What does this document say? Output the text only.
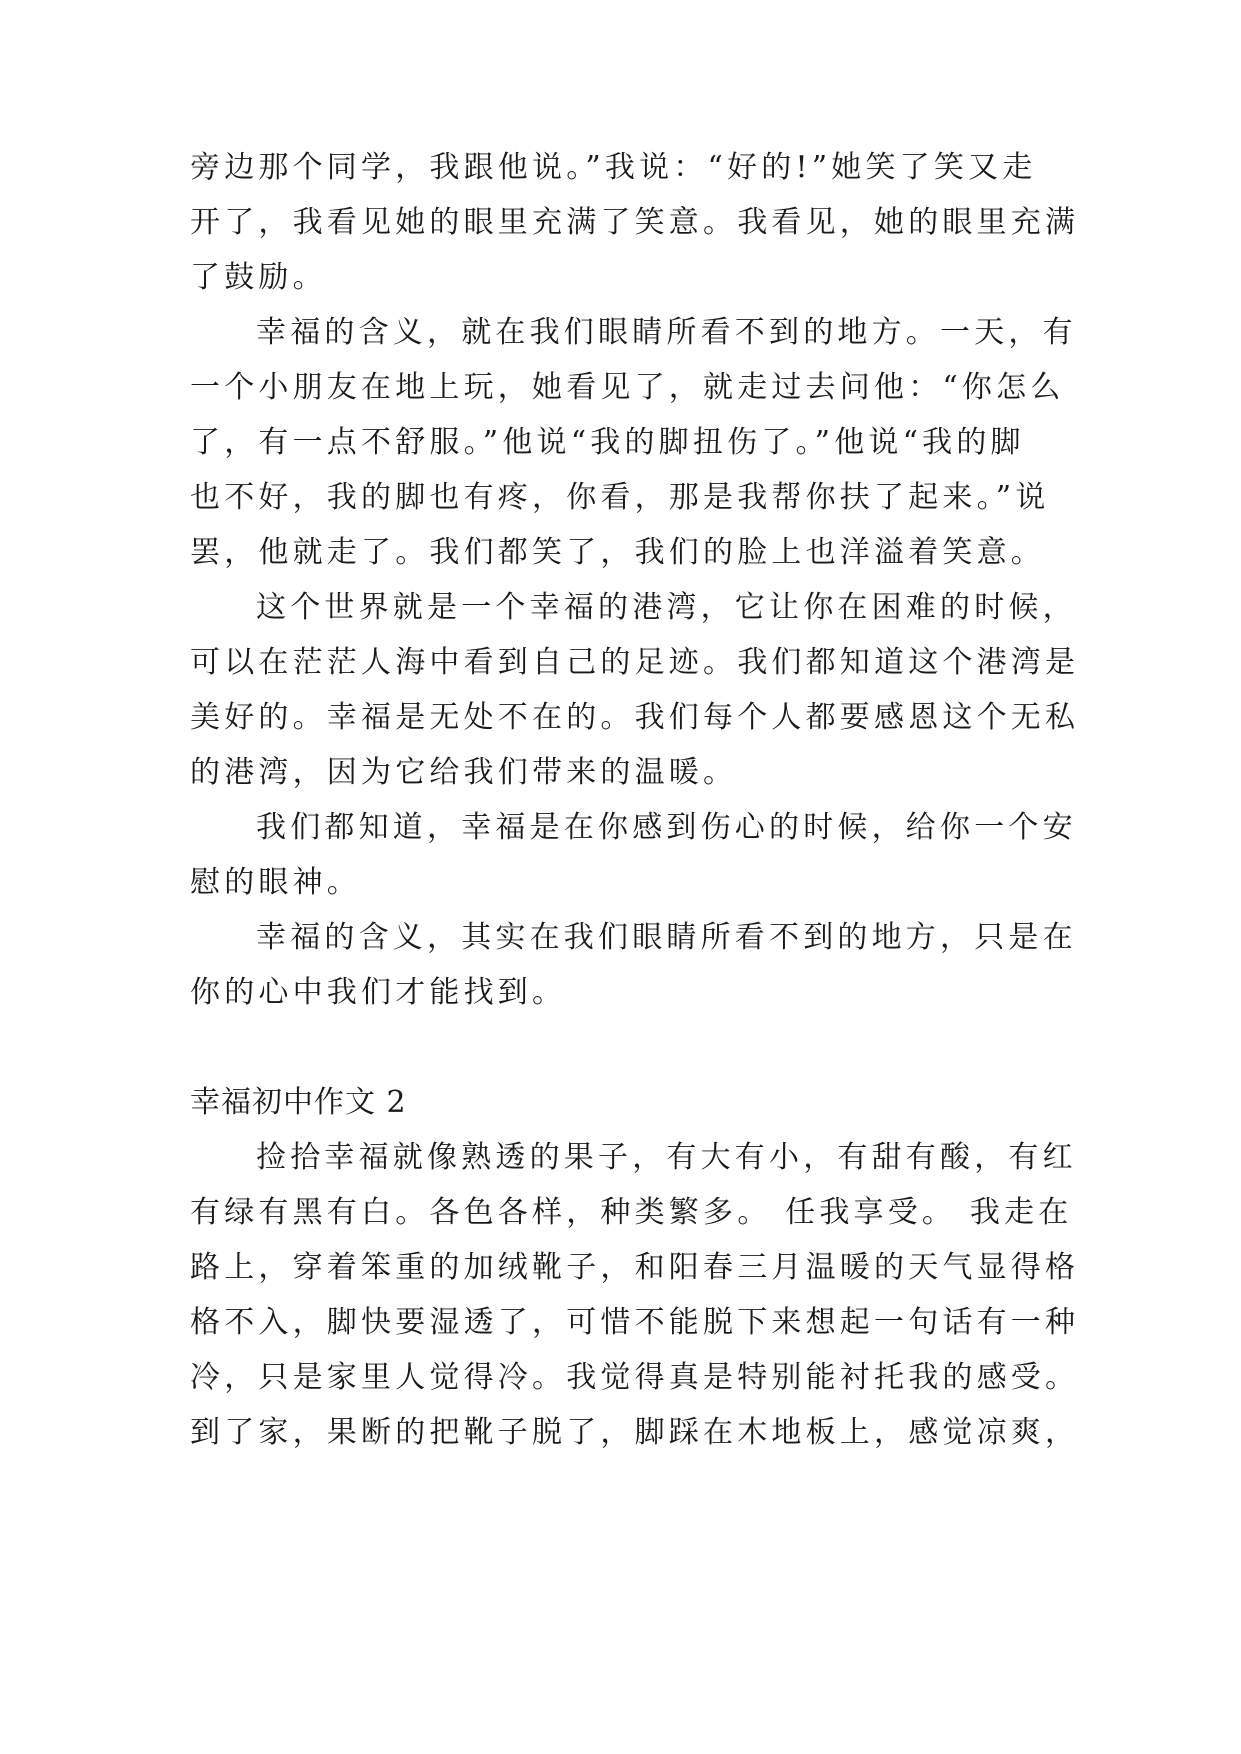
旁边那个同学，我跟他说。”我说：“好的!”她笑了笑又走
开了，我看见她的眼里充满了笑意。我看见，她的眼里充满
了鼓励。
幸福的含义，就在我们眼睛所看不到的地方。一天，有
一个小朋友在地上玩，她看见了，就走过去问他：“你怎么
了，有一点不舒服。”他说“我的脚扭伤了。”他说“我的脚
也不好，我的脚也有疼，你看，那是我帮你扶了起来。”说
罢，他就走了。我们都笑了，我们的脸上也洋溢着笑意。
这个世界就是一个幸福的港湾，它让你在困难的时候，
可以在茫茫人海中看到自己的足迹。我们都知道这个港湾是
美好的。幸福是无处不在的。我们每个人都要感恩这个无私
的港湾，因为它给我们带来的温暖。
我们都知道，幸福是在你感到伤心的时候，给你一个安
慰的眼神。
幸福的含义，其实在我们眼睛所看不到的地方，只是在
你的心中我们才能找到。
幸福初中作文 2
捡拾幸福就像熟透的果子，有大有小，有甜有酸，有红
有绿有黑有白。各色各样，种类繁多。 任我享受。 我走在
路上，穿着笨重的加绒靴子，和阳春三月温暖的天气显得格
格不入，脚快要湿透了，可惜不能脱下来想起一句话有一种
冷，只是家里人觉得冷。我觉得真是特别能衬托我的感受。
到了家，果断的把靴子脱了，脚踩在木地板上，感觉凉爽，
